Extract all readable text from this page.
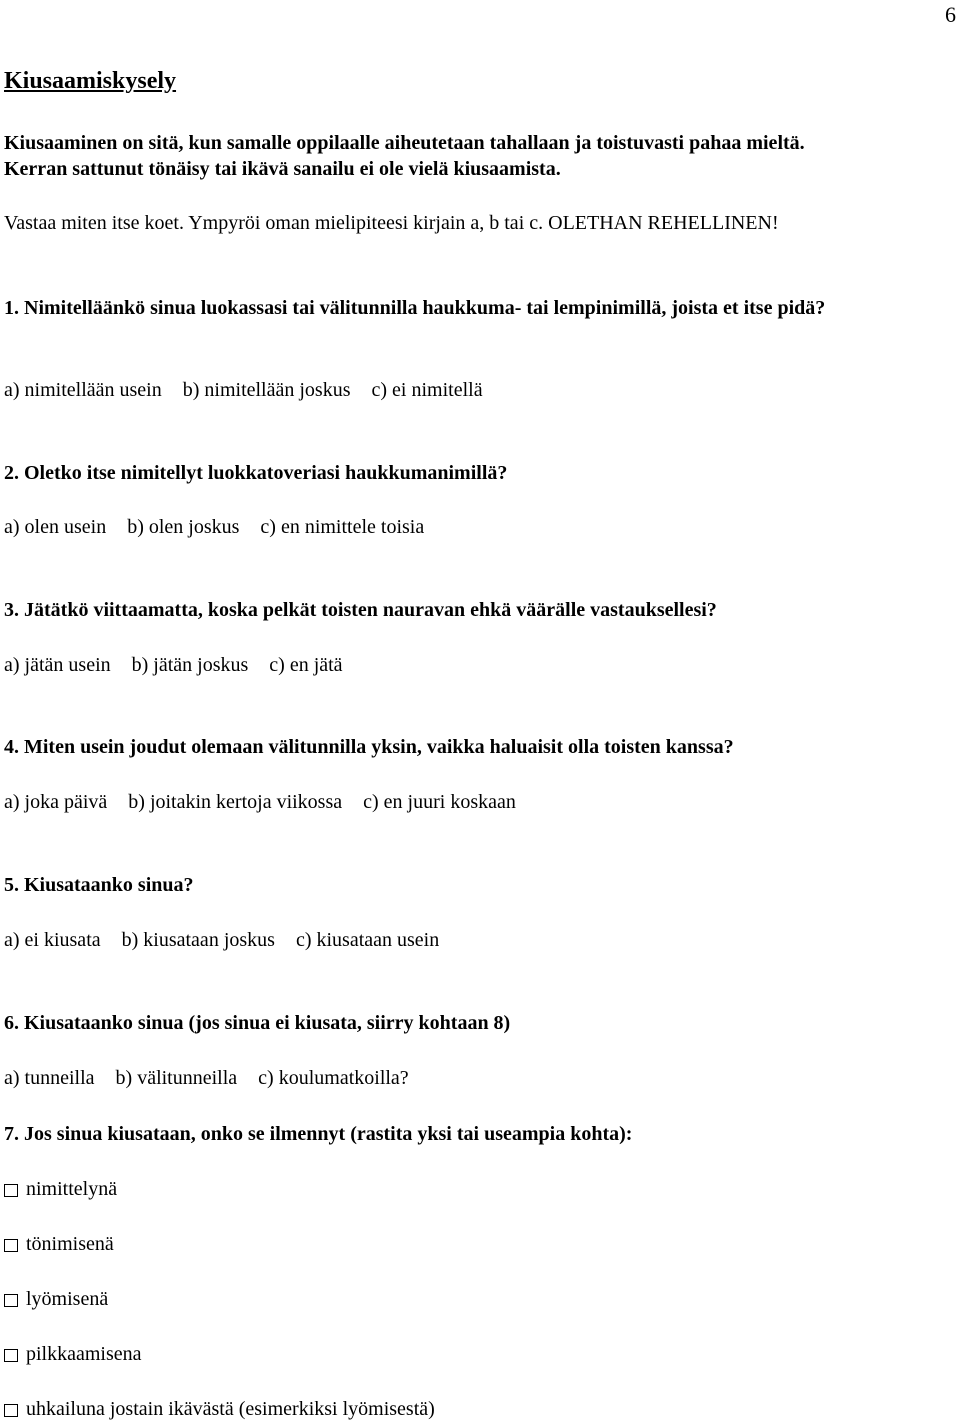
6
Kiusaamiskysely
Kiusaaminen on sitä, kun samalle oppilaalle aiheutetaan tahallaan ja toistuvasti pahaa mieltä.
Kerran sattunut tönäisy tai ikävä sanailu ei ole vielä kiusaamista.
Vastaa miten itse koet. Ympyröi oman mielipiteesi kirjain a, b tai c. OLETHAN REHELLINEN!
1. Nimitelläänkö sinua luokassasi tai välitunnilla haukkuma- tai lempinimillä, joista et itse pidä?
a) nimitellään usein b) nimitellään joskus c) ei nimitellä
2. Oletko itse nimitellyt luokkatoveriasi haukkumanimillä?
a) olen usein b) olen joskus c) en nimittele toisia
3. Jätätkö viittaamatta, koska pelkät toisten nauravan ehkä väärälle vastauksellesi?
a) jätän usein b) jätän joskus c) en jätä
4. Miten usein joudut olemaan välitunnilla yksin, vaikka haluaisit olla toisten kanssa?
a) joka päivä b) joitakin kertoja viikossa c) en juuri koskaan
5. Kiusataanko sinua?
a) ei kiusata b) kiusataan joskus c) kiusataan usein
6. Kiusataanko sinua (jos sinua ei kiusata, siirry kohtaan 8)
a) tunneilla b) välitunneilla c) koulumatkoilla?
7. Jos sinua kiusataan, onko se ilmennyt (rastita yksi tai useampia kohta):
nimittelynä
tönimisenä
lyömisenä
pilkkaamisena
uhkailuna jostain ikävästä (esimerkiksi lyömisestä)
